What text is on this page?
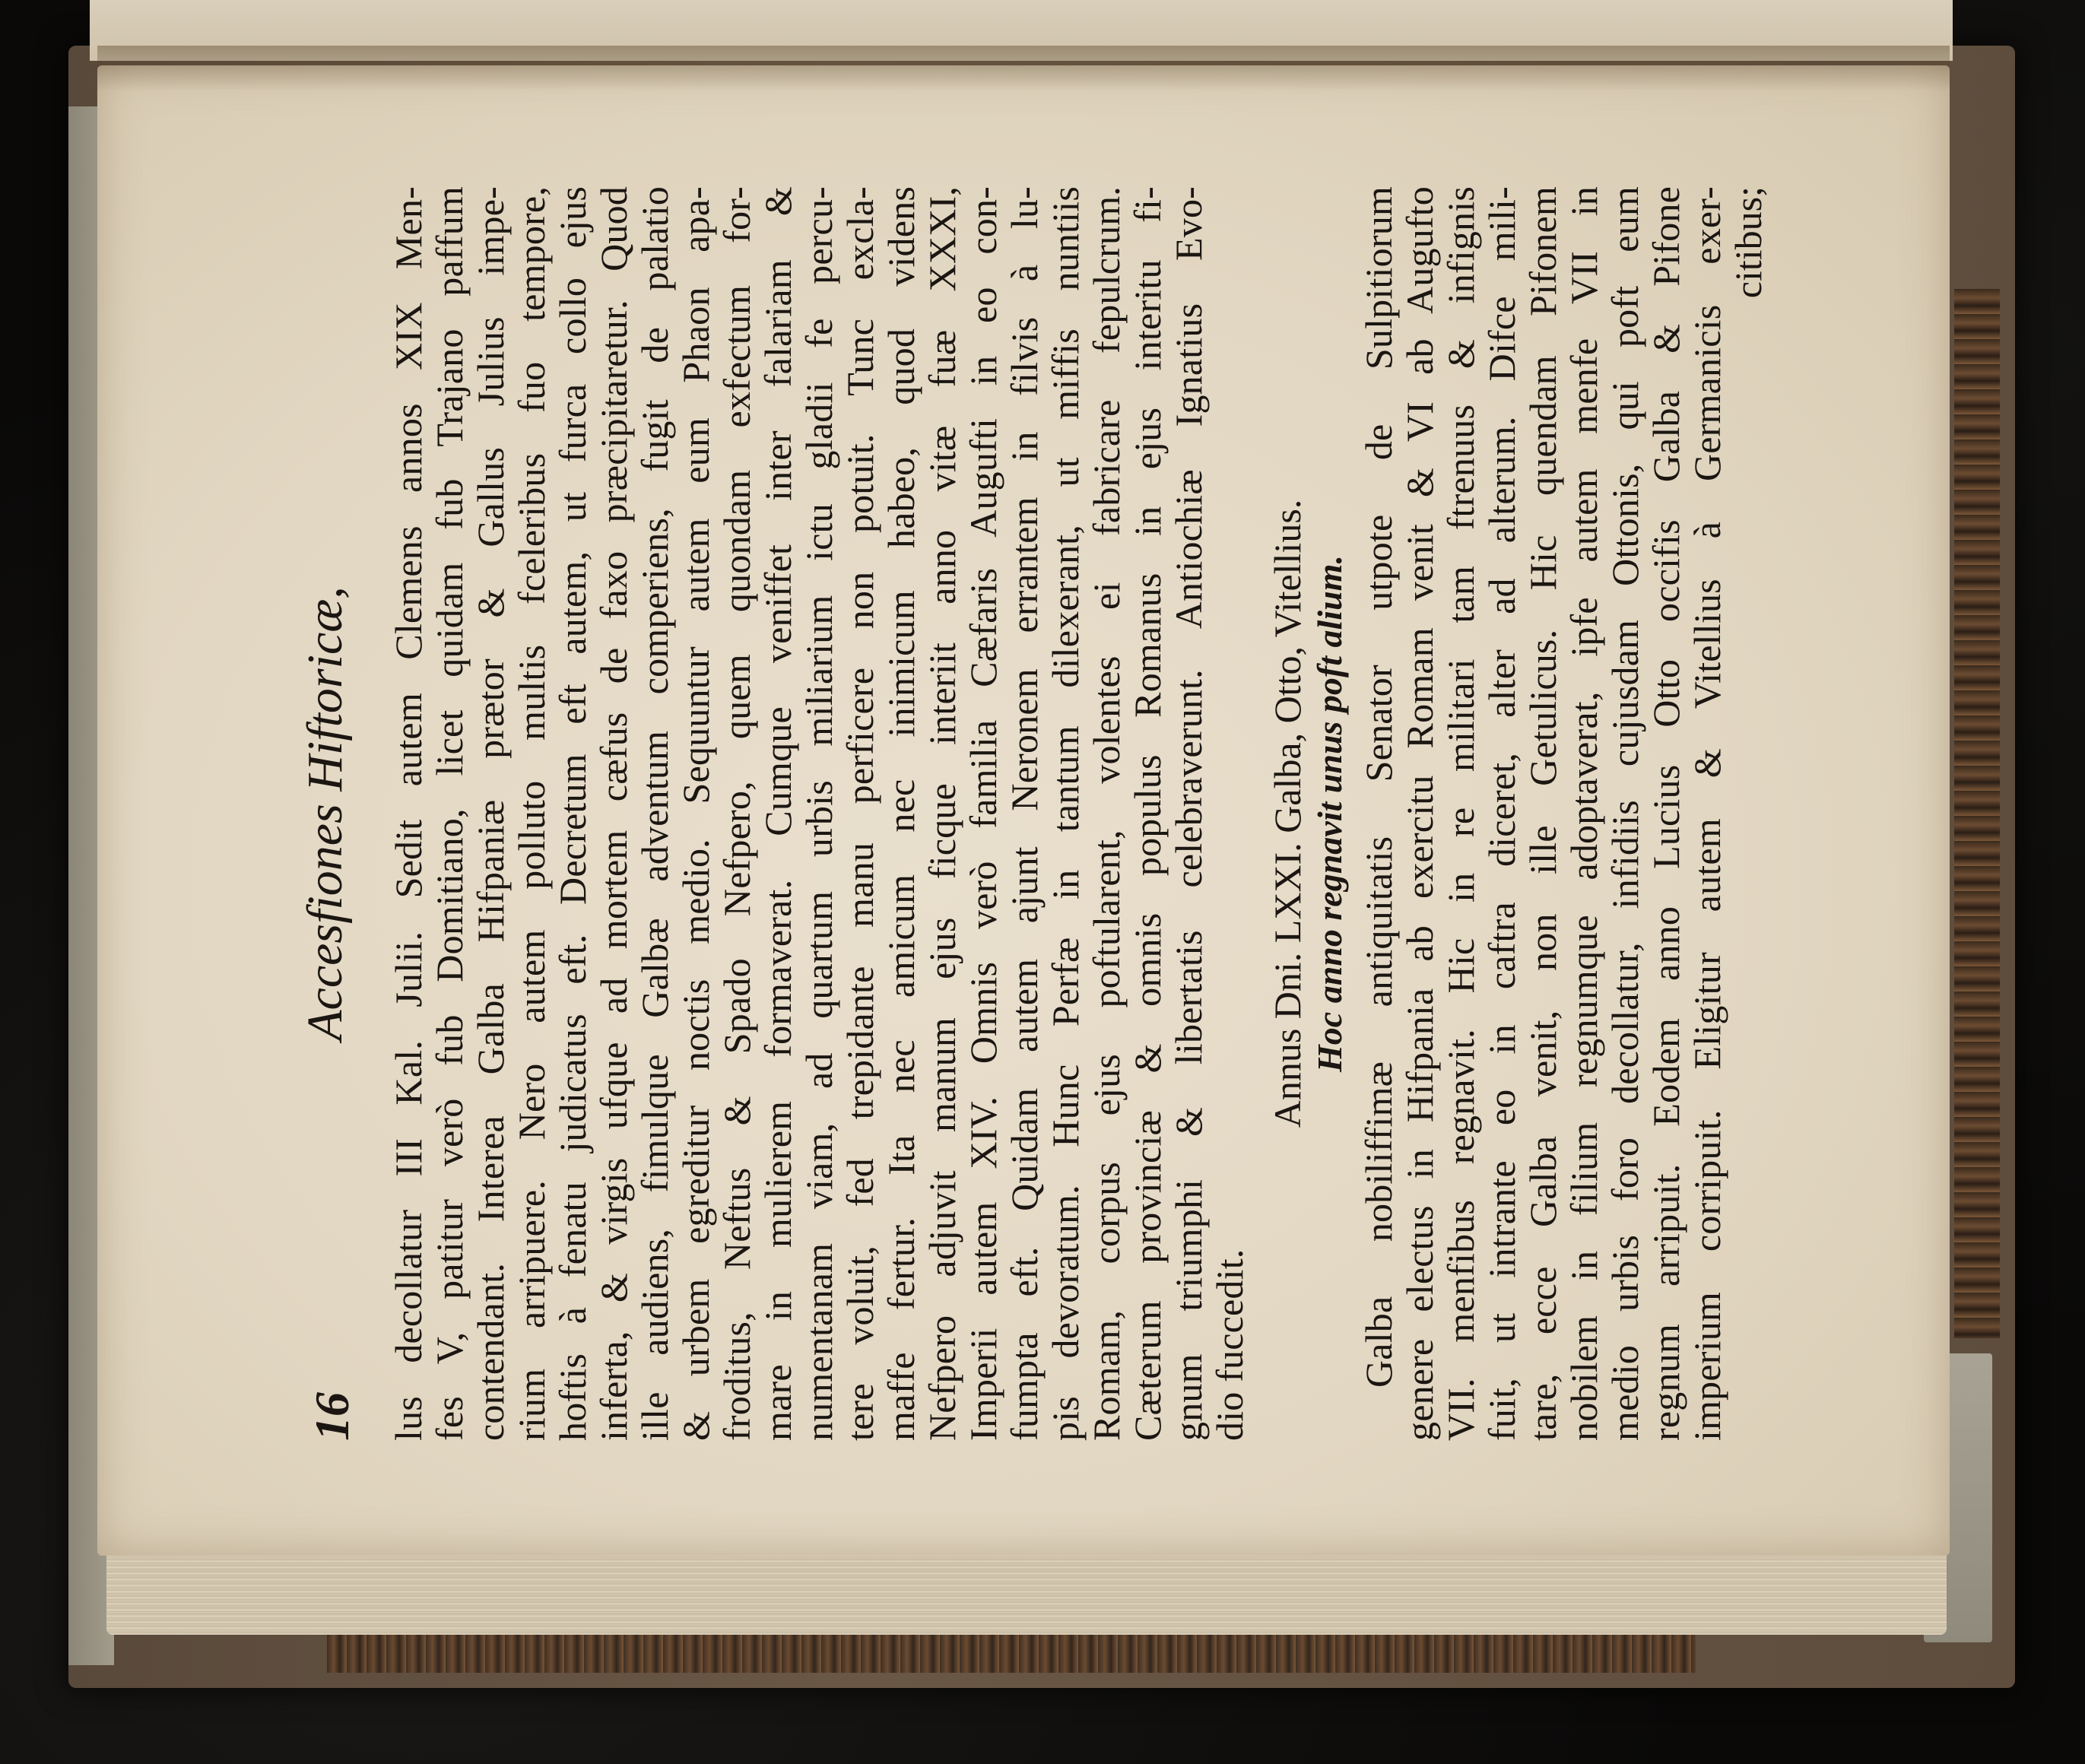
16
Accesfiones Hiftoricæ, lus decollatur III Kal. Julii. Sedit autem Clemens annos XIX Men-
fes V, patitur verò fub Domitiano, licet quidam fub Trajano paffum
contendant. Interea Galba Hifpaniæ prætor & Gallus Julius impe-
rium arripuere. Nero autem polluto multis fceleribus fuo tempore,
hoftis à fenatu judicatus eft. Decretum eft autem, ut furca collo ejus
inferta, & virgis ufque ad mortem cæfus de faxo præcipitaretur. Quod
ille audiens, fimulque Galbæ adventum comperiens, fugit de palatio
& urbem egreditur noctis medio. Sequuntur autem eum Phaon apa-
froditus, Neftus & Spado Nefpero, quem quondam exfectum for-
mare in mulierem formaverat. Cumque veniffet inter falariam &
numentanam viam, ad quartum urbis miliarium ictu gladii fe percu-
tere voluit, fed trepidante manu perficere non potuit. Tunc excla-
maffe fertur. Ita nec amicum nec inimicum habeo, quod videns
Nefpero adjuvit manum ejus ficque interiit anno vitæ fuæ XXXI,
Imperii autem XIV. Omnis verò familia Cæfaris Augufti in eo con-
fumpta eft. Quidam autem ajunt Neronem errantem in filvis à lu-
pis devoratum. Hunc Perfæ in tantum dilexerant, ut miffis nuntiis
Romam, corpus ejus poftularent, volentes ei fabricare fepulcrum.
Cæterum provinciæ & omnis populus Romanus in ejus interitu fi-
gnum triumphi & libertatis celebraverunt. Antiochiæ Ignatius Evo-
dio fuccedit.
Annus Dni. LXXI. Galba, Otto, Vitellius. Hoc anno regnavit unus poft alium. Galba nobiliffimæ antiquitatis Senator utpote de Sulpitiorum
genere electus in Hifpania ab exercitu Romam venit & VI ab Augufto
VII. menfibus regnavit. Hic in re militari tam ftrenuus & infignis
fuit, ut intrante eo in caftra diceret, alter ad alterum. Difce mili-
tare, ecce Galba venit, non ille Getulicus. Hic quendam Pifonem
nobilem in filium regnumque adoptaverat, ipfe autem menfe VII in
medio urbis foro decollatur, infidiis cujusdam Ottonis, qui poft eum
regnum arripuit. Eodem anno Lucius Otto occifis Galba & Pifone
imperium corripuit. Eligitur autem & Vitellius à Germanicis exer-
citibus;
